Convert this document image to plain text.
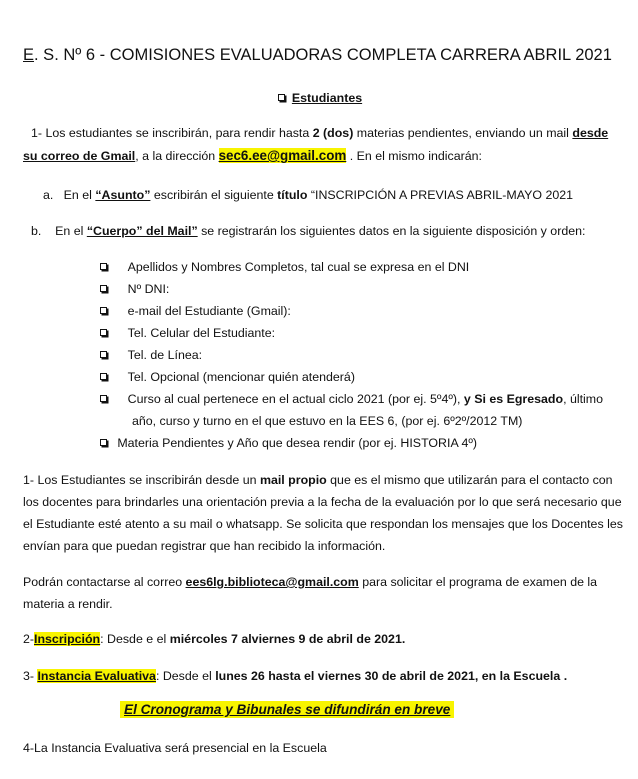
E. S. Nº 6 - COMISIONES EVALUADORAS COMPLETA CARRERA ABRIL 2021
Estudiantes
1- Los estudiantes se inscribirán, para rendir hasta 2 (dos) materias pendientes, enviando un mail desde
su correo de Gmail, a la dirección sec6.ee@gmail.com . En el mismo indicarán:
a. En el “Asunto” escribirán el siguiente título “INSCRIPCIÓN A PREVIAS ABRIL-MAYO 2021
b. En el “Cuerpo” del Mail” se registrarán los siguientes datos en la siguiente disposición y orden:
Apellidos y Nombres Completos, tal cual se expresa en el DNI
Nº DNI:
e-mail del Estudiante (Gmail):
Tel. Celular del Estudiante:
Tel. de Línea:
Tel. Opcional (mencionar quién atenderá)
Curso al cual pertenece en el actual ciclo 2021 (por ej. 5º4º), y Si es Egresado, último
año, curso y turno en el que estuvo en la EES 6, (por ej. 6º2º/2012 TM)
Materia Pendientes y Año que desea rendir (por ej. HISTORIA 4º)
1- Los Estudiantes se inscribirán desde un mail propio que es el mismo que utilizarán para el contacto con
los docentes para brindarles una orientación previa a la fecha de la evaluación por lo que será necesario que
el Estudiante esté atento a su mail o whatsapp. Se solicita que respondan los mensajes que los Docentes les
envían para que puedan registrar que han recibido la información.
Podrán contactarse al correo ees6lg.biblioteca@gmail.com para solicitar el programa de examen de la
materia a rendir.
2-Inscripción: Desde e el miércoles 7 alviernes 9 de abril de 2021.
3- Instancia Evaluativa: Desde el lunes 26 hasta el viernes 30 de abril de 2021, en la Escuela .
El Cronograma y Bibunales se difundirán en breve
4-La Instancia Evaluativa será presencial en la Escuela
